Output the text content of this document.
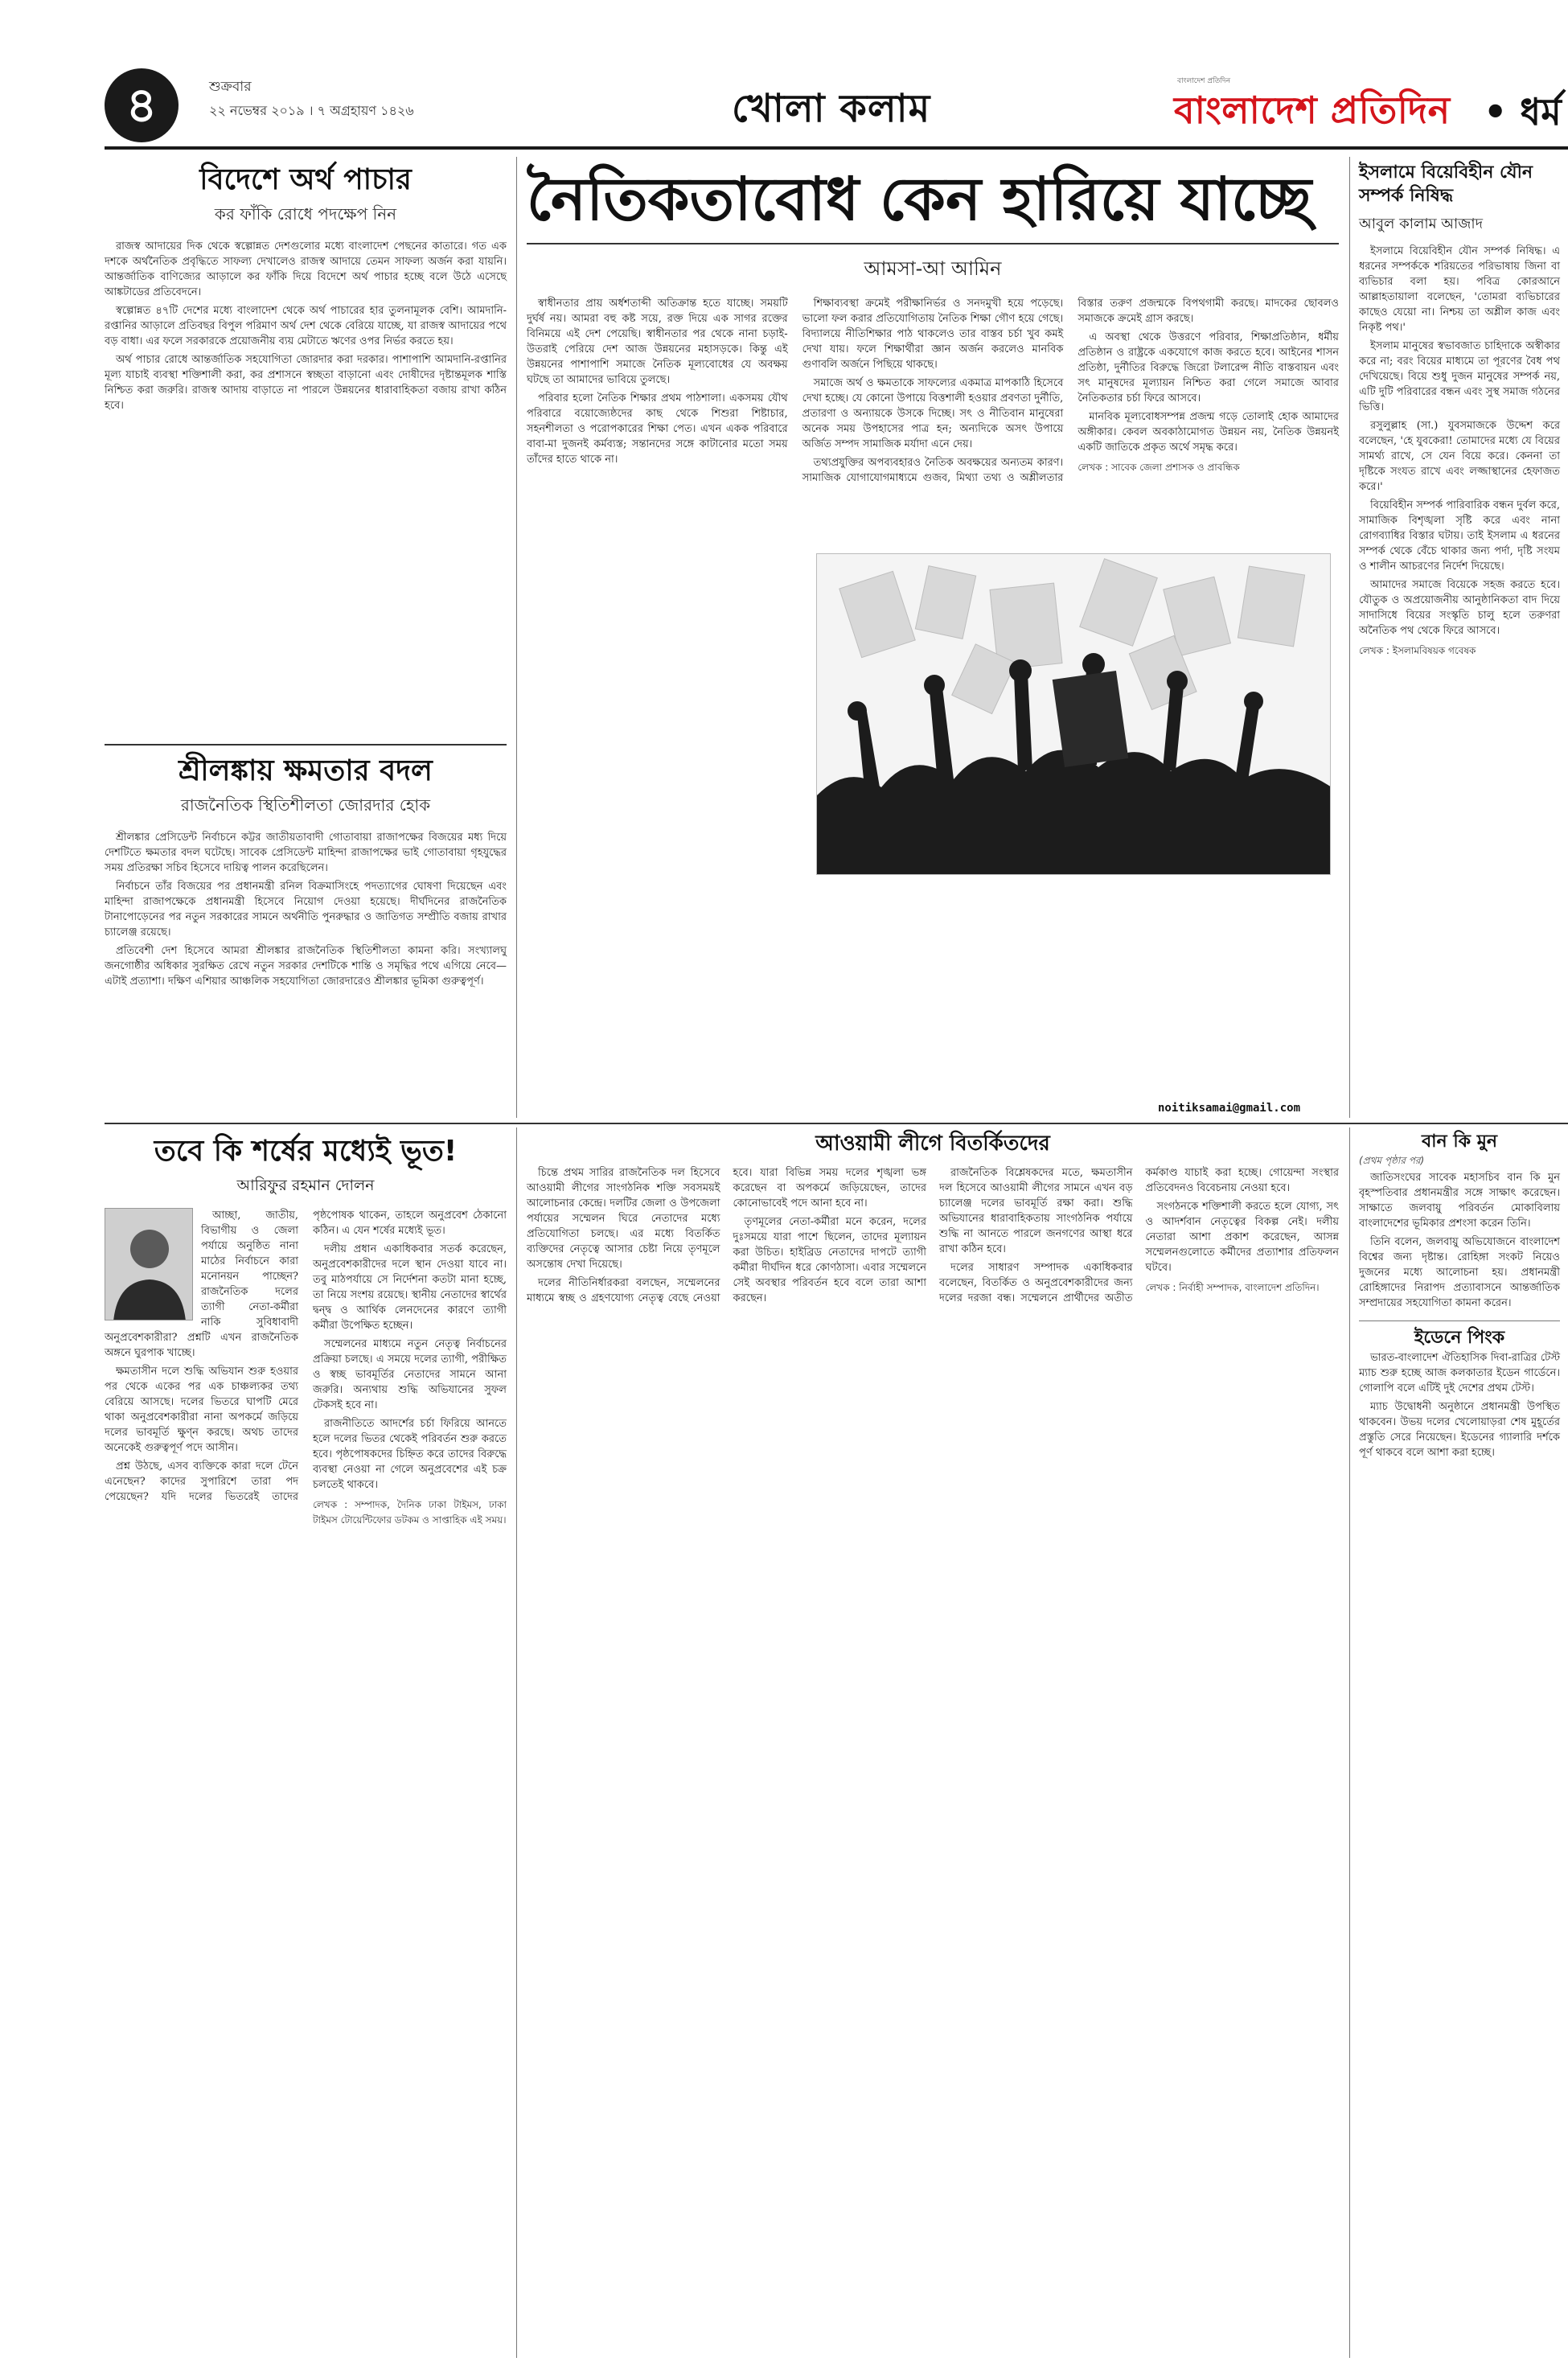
৪	শুক্রবার
২২ নভেম্বর ২০১৯ । ৭ অগ্রহায়ণ ১৪২৬	খোলা কলাম
বাংলাদেশ প্রতিদিন
বাংলাদেশ প্রতিদিন • ধর্ম
বিদেশে অর্থ পাচার
কর ফাঁকি রোধে পদক্ষেপ নিন

রাজস্ব আদায়ের দিক থেকে স্বল্পোন্নত দেশগুলোর মধ্যে বাংলাদেশ পেছনের কাতারে। গত এক দশকে অর্থনৈতিক প্রবৃদ্ধিতে সাফল্য দেখালেও রাজস্ব আদায়ে তেমন সাফল্য অর্জন করা যায়নি। আন্তর্জাতিক বাণিজ্যের আড়ালে কর ফাঁকি দিয়ে বিদেশে অর্থ পাচার হচ্ছে বলে উঠে এসেছে আঙ্কটাডের প্রতিবেদনে।

স্বল্পোন্নত ৪৭টি দেশের মধ্যে বাংলাদেশ থেকে অর্থ পাচারের হার তুলনামূলক বেশি। আমদানি-রপ্তানির আড়ালে প্রতিবছর বিপুল পরিমাণ অর্থ দেশ থেকে বেরিয়ে যাচ্ছে, যা রাজস্ব আদায়ের পথে বড় বাধা। এর ফলে সরকারকে প্রয়োজনীয় ব্যয় মেটাতে ঋণের ওপর নির্ভর করতে হয়।

অর্থ পাচার রোধে আন্তর্জাতিক সহযোগিতা জোরদার করা দরকার। পাশাপাশি আমদানি-রপ্তানির মূল্য যাচাই ব্যবস্থা শক্তিশালী করা, কর প্রশাসনে স্বচ্ছতা বাড়ানো এবং দোষীদের দৃষ্টান্তমূলক শাস্তি নিশ্চিত করা জরুরি। রাজস্ব আদায় বাড়াতে না পারলে উন্নয়নের ধারাবাহিকতা বজায় রাখা কঠিন হবে।

শ্রীলঙ্কায় ক্ষমতার বদল
রাজনৈতিক স্থিতিশীলতা জোরদার হোক

শ্রীলঙ্কার প্রেসিডেন্ট নির্বাচনে কট্টর জাতীয়তাবাদী গোতাবায়া রাজাপক্ষের বিজয়ের মধ্য দিয়ে দেশটিতে ক্ষমতার বদল ঘটেছে। সাবেক প্রেসিডেন্ট মাহিন্দা রাজাপক্ষের ভাই গোতাবায়া গৃহযুদ্ধের সময় প্রতিরক্ষা সচিব হিসেবে দায়িত্ব পালন করেছিলেন।

নির্বাচনে তাঁর বিজয়ের পর প্রধানমন্ত্রী রনিল বিক্রমাসিংহে পদত্যাগের ঘোষণা দিয়েছেন এবং মাহিন্দা রাজাপক্ষেকে প্রধানমন্ত্রী হিসেবে নিয়োগ দেওয়া হয়েছে। দীর্ঘদিনের রাজনৈতিক টানাপোড়েনের পর নতুন সরকারের সামনে অর্থনীতি পুনরুদ্ধার ও জাতিগত সম্প্রীতি বজায় রাখার চ্যালেঞ্জ রয়েছে।

প্রতিবেশী দেশ হিসেবে আমরা শ্রীলঙ্কার রাজনৈতিক স্থিতিশীলতা কামনা করি। সংখ্যালঘু জনগোষ্ঠীর অধিকার সুরক্ষিত রেখে নতুন সরকার দেশটিকে শান্তি ও সমৃদ্ধির পথে এগিয়ে নেবে—এটাই প্রত্যাশা। দক্ষিণ এশিয়ার আঞ্চলিক সহযোগিতা জোরদারেও শ্রীলঙ্কার ভূমিকা গুরুত্বপূর্ণ।

নৈতিকতাবোধ কেন হারিয়ে যাচ্ছে
আমসা-আ আমিন

স্বাধীনতার প্রায় অর্ধশতাব্দী অতিক্রান্ত হতে যাচ্ছে। সময়টি দুর্ঘর্ষ নয়। আমরা বহু কষ্ট সয়ে, রক্ত দিয়ে এক সাগর রক্তের বিনিময়ে এই দেশ পেয়েছি। স্বাধীনতার পর থেকে নানা চড়াই-উতরাই পেরিয়ে দেশ আজ উন্নয়নের মহাসড়কে। কিন্তু এই উন্নয়নের পাশাপাশি সমাজে নৈতিক মূল্যবোধের যে অবক্ষয় ঘটছে তা আমাদের ভাবিয়ে তুলছে।

পরিবার হলো নৈতিক শিক্ষার প্রথম পাঠশালা। একসময় যৌথ পরিবারে বয়োজ্যেষ্ঠদের কাছ থেকে শিশুরা শিষ্টাচার, সহনশীলতা ও পরোপকারের শিক্ষা পেত। এখন একক পরিবারে বাবা-মা দুজনই কর্মব্যস্ত; সন্তানদের সঙ্গে কাটানোর মতো সময় তাঁদের হাতে থাকে না।

শিক্ষাব্যবস্থা ক্রমেই পরীক্ষানির্ভর ও সনদমুখী হয়ে পড়েছে। ভালো ফল করার প্রতিযোগিতায় নৈতিক শিক্ষা গৌণ হয়ে গেছে। বিদ্যালয়ে নীতিশিক্ষার পাঠ থাকলেও তার বাস্তব চর্চা খুব কমই দেখা যায়। ফলে শিক্ষার্থীরা জ্ঞান অর্জন করলেও মানবিক গুণাবলি অর্জনে পিছিয়ে থাকছে।

সমাজে অর্থ ও ক্ষমতাকে সাফল্যের একমাত্র মাপকাঠি হিসেবে দেখা হচ্ছে। যে কোনো উপায়ে বিত্তশালী হওয়ার প্রবণতা দুর্নীতি, প্রতারণা ও অন্যায়কে উসকে দিচ্ছে। সৎ ও নীতিবান মানুষেরা অনেক সময় উপহাসের পাত্র হন; অন্যদিকে অসৎ উপায়ে অর্জিত সম্পদ সামাজিক মর্যাদা এনে দেয়।

তথ্যপ্রযুক্তির অপব্যবহারও নৈতিক অবক্ষয়ের অন্যতম কারণ। সামাজিক যোগাযোগমাধ্যমে গুজব, মিথ্যা তথ্য ও অশ্লীলতার বিস্তার তরুণ প্রজন্মকে বিপথগামী করছে। মাদকের ছোবলও সমাজকে ক্রমেই গ্রাস করছে।

এ অবস্থা থেকে উত্তরণে পরিবার, শিক্ষাপ্রতিষ্ঠান, ধর্মীয় প্রতিষ্ঠান ও রাষ্ট্রকে একযোগে কাজ করতে হবে। আইনের শাসন প্রতিষ্ঠা, দুর্নীতির বিরুদ্ধে জিরো টলারেন্স নীতি বাস্তবায়ন এবং সৎ মানুষদের মূল্যায়ন নিশ্চিত করা গেলে সমাজে আবার নৈতিকতার চর্চা ফিরে আসবে।

মানবিক মূল্যবোধসম্পন্ন প্রজন্ম গড়ে তোলাই হোক আমাদের অঙ্গীকার। কেবল অবকাঠামোগত উন্নয়ন নয়, নৈতিক উন্নয়নই একটি জাতিকে প্রকৃত অর্থে সমৃদ্ধ করে।

লেখক : সাবেক জেলা প্রশাসক ও প্রাবন্ধিক
noitiksamai@gmail.com
ইসলামে বিয়েবিহীন যৌন সম্পর্ক নিষিদ্ধ
আবুল কালাম আজাদ

ইসলামে বিয়েবিহীন যৌন সম্পর্ক নিষিদ্ধ। এ ধরনের সম্পর্ককে শরিয়তের পরিভাষায় জিনা বা ব্যভিচার বলা হয়। পবিত্র কোরআনে আল্লাহতায়ালা বলেছেন, 'তোমরা ব্যভিচারের কাছেও যেয়ো না। নিশ্চয় তা অশ্লীল কাজ এবং নিকৃষ্ট পথ।'

ইসলাম মানুষের স্বভাবজাত চাহিদাকে অস্বীকার করে না; বরং বিয়ের মাধ্যমে তা পূরণের বৈধ পথ দেখিয়েছে। বিয়ে শুধু দুজন মানুষের সম্পর্ক নয়, এটি দুটি পরিবারের বন্ধন এবং সুস্থ সমাজ গঠনের ভিত্তি।

রসুলুল্লাহ (সা.) যুবসমাজকে উদ্দেশ করে বলেছেন, 'হে যুবকেরা! তোমাদের মধ্যে যে বিয়ের সামর্থ্য রাখে, সে যেন বিয়ে করে। কেননা তা দৃষ্টিকে সংযত রাখে এবং লজ্জাস্থানের হেফাজত করে।'

বিয়েবিহীন সম্পর্ক পারিবারিক বন্ধন দুর্বল করে, সামাজিক বিশৃঙ্খলা সৃষ্টি করে এবং নানা রোগব্যাধির বিস্তার ঘটায়। তাই ইসলাম এ ধরনের সম্পর্ক থেকে বেঁচে থাকার জন্য পর্দা, দৃষ্টি সংযম ও শালীন আচরণের নির্দেশ দিয়েছে।

আমাদের সমাজে বিয়েকে সহজ করতে হবে। যৌতুক ও অপ্রয়োজনীয় আনুষ্ঠানিকতা বাদ দিয়ে সাদাসিধে বিয়ের সংস্কৃতি চালু হলে তরুণরা অনৈতিক পথ থেকে ফিরে আসবে।

লেখক : ইসলামবিষয়ক গবেষক
তবে কি শর্ষের মধ্যেই ভূত!
আরিফুর রহমান দোলন

আচ্ছা, জাতীয়, বিভাগীয় ও জেলা পর্যায়ে অনুষ্ঠিত নানা মাঠের নির্বাচনে কারা মনোনয়ন পাচ্ছেন? রাজনৈতিক দলের ত্যাগী নেতা-কর্মীরা নাকি সুবিধাবাদী অনুপ্রবেশকারীরা? প্রশ্নটি এখন রাজনৈতিক অঙ্গনে ঘুরপাক খাচ্ছে।

ক্ষমতাসীন দলে শুদ্ধি অভিযান শুরু হওয়ার পর থেকে একের পর এক চাঞ্চল্যকর তথ্য বেরিয়ে আসছে। দলের ভিতরে ঘাপটি মেরে থাকা অনুপ্রবেশকারীরা নানা অপকর্মে জড়িয়ে দলের ভাবমূর্তি ক্ষুণ্ন করছে। অথচ তাদের অনেকেই গুরুত্বপূর্ণ পদে আসীন।

প্রশ্ন উঠছে, এসব ব্যক্তিকে কারা দলে টেনে এনেছেন? কাদের সুপারিশে তারা পদ পেয়েছেন? যদি দলের ভিতরেই তাদের পৃষ্ঠপোষক থাকেন, তাহলে অনুপ্রবেশ ঠেকানো কঠিন। এ যেন শর্ষের মধ্যেই ভূত।

দলীয় প্রধান একাধিকবার সতর্ক করেছেন, অনুপ্রবেশকারীদের দলে স্থান দেওয়া যাবে না। তবু মাঠপর্যায়ে সে নির্দেশনা কতটা মানা হচ্ছে, তা নিয়ে সংশয় রয়েছে। স্থানীয় নেতাদের স্বার্থের দ্বন্দ্ব ও আর্থিক লেনদেনের কারণে ত্যাগী কর্মীরা উপেক্ষিত হচ্ছেন।

সম্মেলনের মাধ্যমে নতুন নেতৃত্ব নির্বাচনের প্রক্রিয়া চলছে। এ সময়ে দলের ত্যাগী, পরীক্ষিত ও স্বচ্ছ ভাবমূর্তির নেতাদের সামনে আনা জরুরি। অন্যথায় শুদ্ধি অভিযানের সুফল টেকসই হবে না।

রাজনীতিতে আদর্শের চর্চা ফিরিয়ে আনতে হলে দলের ভিতর থেকেই পরিবর্তন শুরু করতে হবে। পৃষ্ঠপোষকদের চিহ্নিত করে তাদের বিরুদ্ধে ব্যবস্থা নেওয়া না গেলে অনুপ্রবেশের এই চক্র চলতেই থাকবে।

লেখক : সম্পাদক, দৈনিক ঢাকা টাইমস, ঢাকা টাইমস টোয়েন্টিফোর ডটকম ও সাপ্তাহিক এই সময়।
আওয়ামী লীগে বিতর্কিতদের

চিন্তে প্রথম সারির রাজনৈতিক দল হিসেবে আওয়ামী লীগের সাংগঠনিক শক্তি সবসময়ই আলোচনার কেন্দ্রে। দলটির জেলা ও উপজেলা পর্যায়ের সম্মেলন ঘিরে নেতাদের মধ্যে প্রতিযোগিতা চলছে। এর মধ্যে বিতর্কিত ব্যক্তিদের নেতৃত্বে আসার চেষ্টা নিয়ে তৃণমূলে অসন্তোষ দেখা দিয়েছে।

দলের নীতিনির্ধারকরা বলছেন, সম্মেলনের মাধ্যমে স্বচ্ছ ও গ্রহণযোগ্য নেতৃত্ব বেছে নেওয়া হবে। যারা বিভিন্ন সময় দলের শৃঙ্খলা ভঙ্গ করেছেন বা অপকর্মে জড়িয়েছেন, তাদের কোনোভাবেই পদে আনা হবে না।

তৃণমূলের নেতা-কর্মীরা মনে করেন, দলের দুঃসময়ে যারা পাশে ছিলেন, তাদের মূল্যায়ন করা উচিত। হাইব্রিড নেতাদের দাপটে ত্যাগী কর্মীরা দীর্ঘদিন ধরে কোণঠাসা। এবার সম্মেলনে সেই অবস্থার পরিবর্তন হবে বলে তারা আশা করছেন।

রাজনৈতিক বিশ্লেষকদের মতে, ক্ষমতাসীন দল হিসেবে আওয়ামী লীগের সামনে এখন বড় চ্যালেঞ্জ দলের ভাবমূর্তি রক্ষা করা। শুদ্ধি অভিযানের ধারাবাহিকতায় সাংগঠনিক পর্যায়ে শুদ্ধি না আনতে পারলে জনগণের আস্থা ধরে রাখা কঠিন হবে।

দলের সাধারণ সম্পাদক একাধিকবার বলেছেন, বিতর্কিত ও অনুপ্রবেশকারীদের জন্য দলের দরজা বন্ধ। সম্মেলনে প্রার্থীদের অতীত কর্মকাণ্ড যাচাই করা হচ্ছে। গোয়েন্দা সংস্থার প্রতিবেদনও বিবেচনায় নেওয়া হবে।

সংগঠনকে শক্তিশালী করতে হলে যোগ্য, সৎ ও আদর্শবান নেতৃত্বের বিকল্প নেই। দলীয় নেতারা আশা প্রকাশ করেছেন, আসন্ন সম্মেলনগুলোতে কর্মীদের প্রত্যাশার প্রতিফলন ঘটবে।

লেখক : নির্বাহী সম্পাদক, বাংলাদেশ প্রতিদিন।
বান কি মুন
(প্রথম পৃষ্ঠার পর)

জাতিসংঘের সাবেক মহাসচিব বান কি মুন বৃহস্পতিবার প্রধানমন্ত্রীর সঙ্গে সাক্ষাৎ করেছেন। সাক্ষাতে জলবায়ু পরিবর্তন মোকাবিলায় বাংলাদেশের ভূমিকার প্রশংসা করেন তিনি।

তিনি বলেন, জলবায়ু অভিযোজনে বাংলাদেশ বিশ্বের জন্য দৃষ্টান্ত। রোহিঙ্গা সংকট নিয়েও দুজনের মধ্যে আলোচনা হয়। প্রধানমন্ত্রী রোহিঙ্গাদের নিরাপদ প্রত্যাবাসনে আন্তর্জাতিক সম্প্রদায়ের সহযোগিতা কামনা করেন।

ইডেনে পিংক

ভারত-বাংলাদেশ ঐতিহাসিক দিবা-রাত্রির টেস্ট ম্যাচ শুরু হচ্ছে আজ কলকাতার ইডেন গার্ডেনে। গোলাপি বলে এটিই দুই দেশের প্রথম টেস্ট।

ম্যাচ উদ্বোধনী অনুষ্ঠানে প্রধানমন্ত্রী উপস্থিত থাকবেন। উভয় দলের খেলোয়াড়রা শেষ মুহূর্তের প্রস্তুতি সেরে নিয়েছেন। ইডেনের গ্যালারি দর্শকে পূর্ণ থাকবে বলে আশা করা হচ্ছে।
